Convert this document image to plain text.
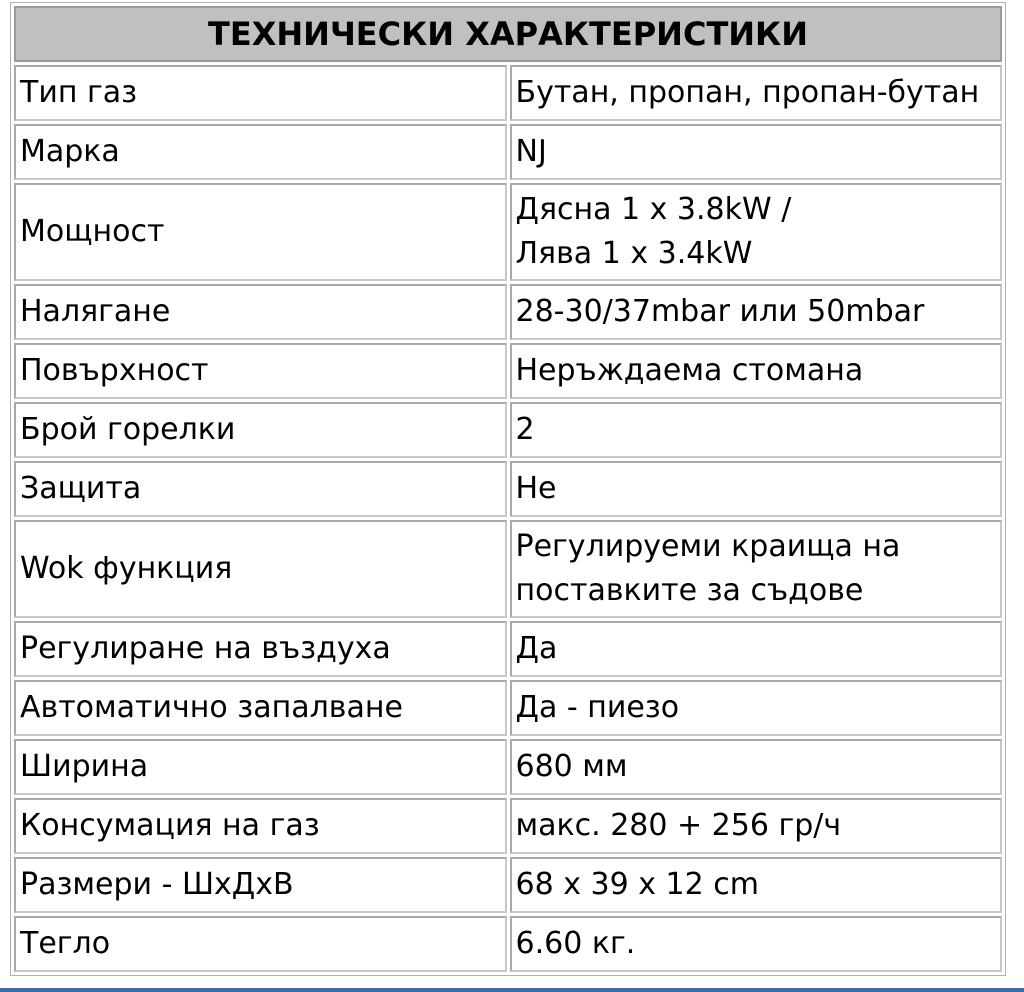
ТЕХНИЧЕСКИ ХАРАКТЕРИСТИКИ	
Тип газ	Бутан, пропан, пропан-бутан
Марка	NJ
Мощност	Дясна 1 x 3.8kW /
Лява 1 x 3.4kW

Налягане	28-30/37mbar или 50mbar
Повърхност	Неръждаема стомана
Брой горелки	2
Защита	Не
Wok функция	Регулируеми краища на
поставките за съдове

Регулиране на въздуха	Да
Автоматично запалване	Да - пиезо
Ширина	680 мм
Консумация на газ	макс. 280 + 256 гр/ч
Размери - ШхДхВ	68 x 39 x 12 cm
Тегло	6.60 кг.
